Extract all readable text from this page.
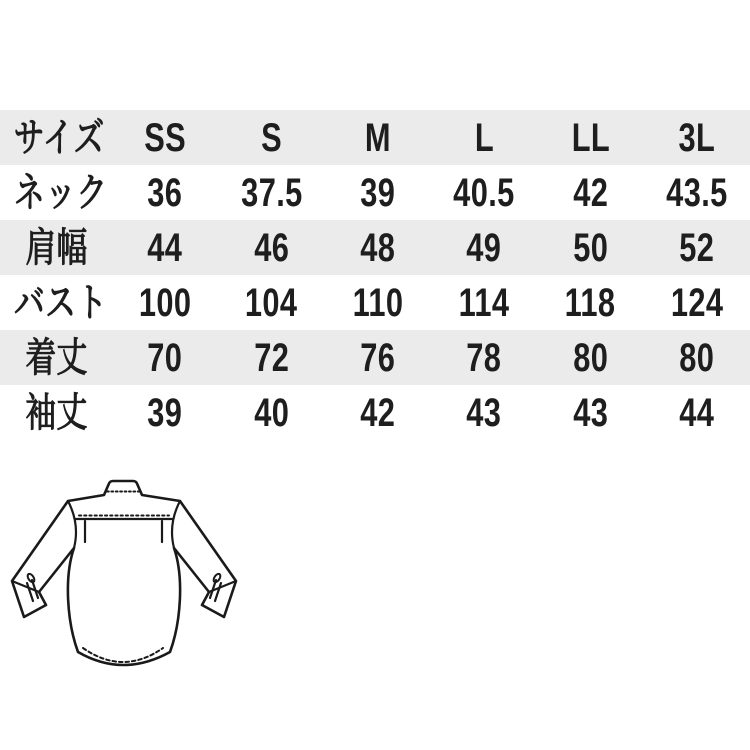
サイズ SS	S	M	L	LL	3L
ネック	36	37.5	39	40.5	42	43.5
肩幅	44	46	48	49	50	52
バスト 100	104	110	114	118	124
着丈	70	72	76	78	80	80
袖丈	39	40	42	43	43	44
